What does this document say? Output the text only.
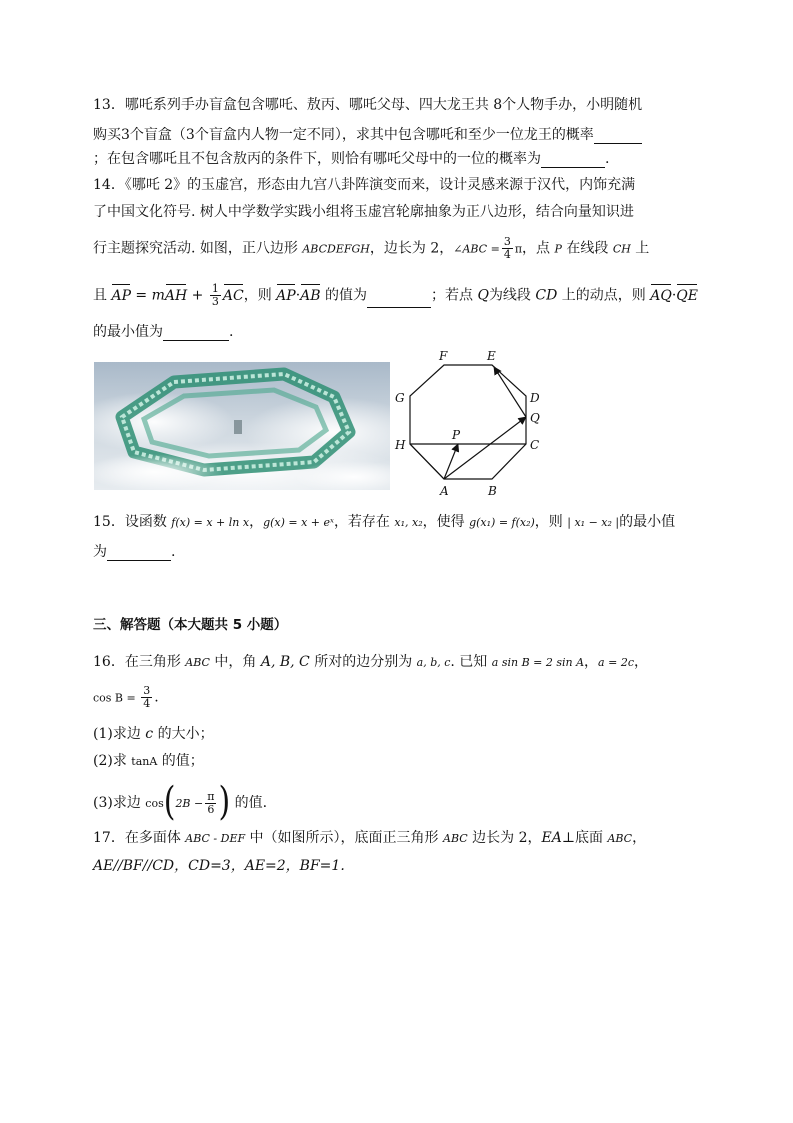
13．哪吒系列手办盲盒包含哪吒、敖丙、哪吒父母、四大龙王共 8个人物手办，小明随机
购买3个盲盒（3个盲盒内人物一定不同），求其中包含哪吒和至少一位龙王的概率
；在包含哪吒且不包含敖丙的条件下，则恰有哪吒父母中的一位的概率为	.
14．《哪吒 2》的玉虚宫，形态由九宫八卦阵演变而来，设计灵感来源于汉代，内饰充满
了中国文化符号. 树人中学数学实践小组将玉虚宫轮廓抽象为正八边形，结合向量知识进
行主题探究活动. 如图，正八边形 ABCDEFGH，边长为 2，∠ABC = $\frac{3}{4}$ π，点 P 在线段 CH 上
且 AP = mAH + $\frac{1}{3}$ AC，则 AP·AB 的值为	；若点 Q为线段 CD 上的动点，则 AQ·QE
的最小值为	.
F	E
G	D
Q
H
P
C
A	B
15．设函数 f(x) = x + ln x，g(x) = x + eˣ，若存在 x₁, x₂，使得 g(x₁) = f(x₂)，则 | x₁ − x₂ |的最小值
为	.
三、解答题（本大题共 5 小题）
16．在三角形 ABC 中，角 A, B, C 所对的边分别为 a, b, c. 已知 a sin B = 2 sin A，a = 2c，
$\cos B = \frac{3}{4}$ .
(1)求边 c 的大小；
(2)求 tanA 的值；
(3)求边 $\cos(2B - \frac{\pi}{6}$ ) 的值.
17．在多面体 ABC - DEF 中（如图所示），底面正三角形 ABC 边长为 2，EA⊥底面 ABC，
AE//BF//CD，CD=3，AE=2，BF=1.
